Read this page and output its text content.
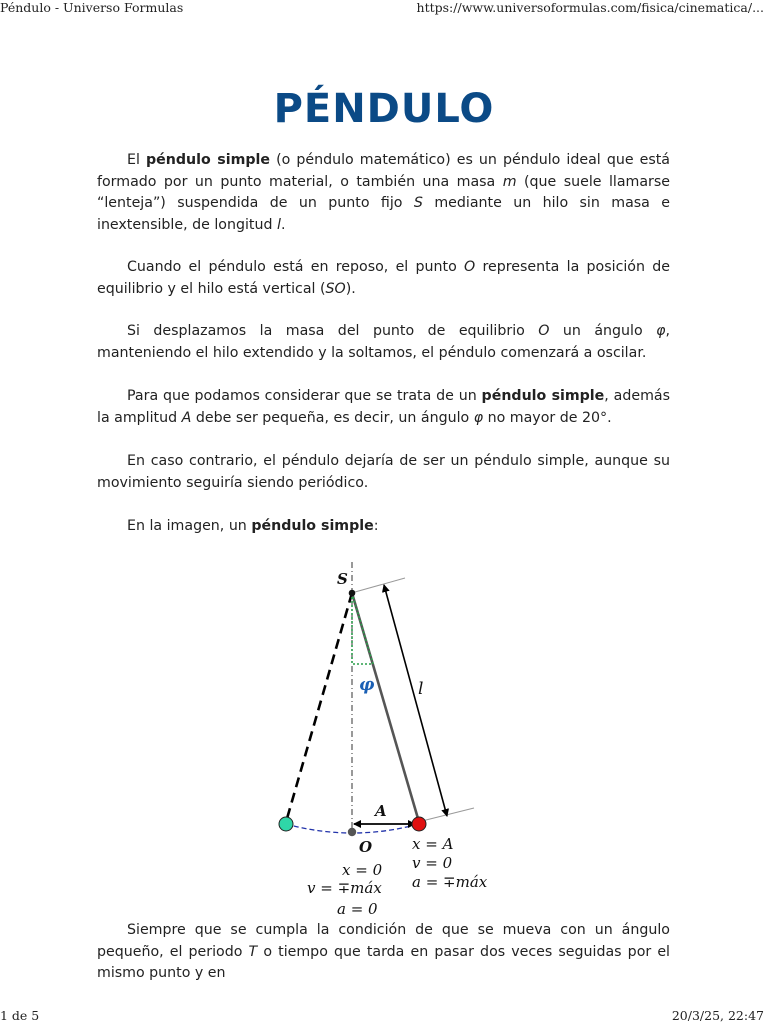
Péndulo - Universo Formulas	https://www.universoformulas.com/fisica/cinematica/...
PÉNDULO

El péndulo simple (o péndulo matemático) es un péndulo ideal que está formado por un punto material, o también una masa m (que suele llamarse “lenteja”) suspendida de un punto fijo S mediante un hilo sin masa e inextensible, de longitud l.

Cuando el péndulo está en reposo, el punto O representa la posición de equilibrio y el hilo está vertical (SO).

Si desplazamos la masa del punto de equilibrio O un ángulo φ, manteniendo el hilo extendido y la soltamos, el péndulo comenzará a oscilar.

Para que podamos considerar que se trata de un péndulo simple, además la amplitud A debe ser pequeña, es decir, un ángulo φ no mayor de 20°.

En caso contrario, el péndulo dejaría de ser un péndulo simple, aunque su movimiento seguiría siendo periódico.

En la imagen, un péndulo simple:

Siempre que se cumpla la condición de que se mueva con un ángulo pequeño, el periodo T o tiempo que tarda en pasar dos veces seguidas por el mismo punto y en

S
φ	l
A
O	x = A
v = 0
a = ∓máx
x = 0
v = ∓máx
a = 0
1 de 5	20/3/25, 22:47
